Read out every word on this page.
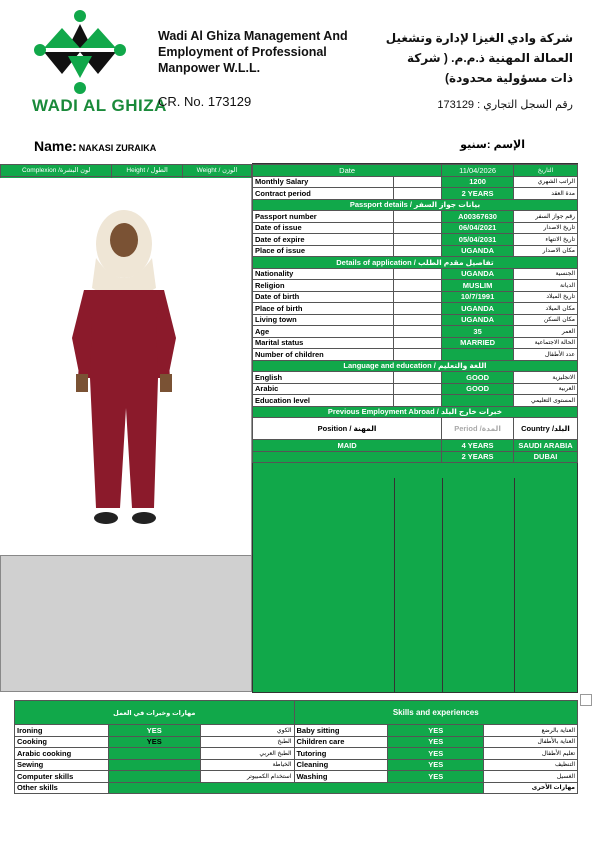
WADI AL GHIZA
Wadi Al Ghiza Management And Employment of Professional Manpower W.L.L.
CR. No. 173129
شركة وادي الغيزا لإدارة وتشغيل العمالة المهنية ذ.م.م. ( شركة ذات مسؤولية محدودة)
رقم السجل التجاري : 173129
Name: NAKASI ZURAIKA	الإسم :سنيو
Complexion /لون البشرة	Height / الطول	Weight / الوزن
			Date		11/04/2026	التاريخ
Monthly Salary		1200	الراتب الشهري
Contract period		2 YEARS	مدة العقد
Passport details / بيانات جواز السفر			
Passport number		A00367630	رقم جواز السفر
Date of issue		06/04/2021	تاريخ الاصدار
Date of expire		05/04/2031	تاريخ الانتهاء
Place of issue		UGANDA	مكان الاصدار
Details of application / تفاصيل مقدم الطلب			
Nationality		UGANDA	الجنسية
Religion		MUSLIM	الديانة
Date of birth		10/7/1991	تاريخ الميلاد
Place of birth		UGANDA	مكان الميلاد
Living town		UGANDA	مكان السكن
Age		35	العمر
Marital status		MARRIED	الحالة الاجتماعية
Number of children			عدد الأطفال
Language and education / اللغة والتعليم			
English		GOOD	الانجليزية
Arabic		GOOD	العربية
Education level			المستوى التعليمي
Previous Employment Abroad / خبرات خارج البلد			
Position / المهنة		Period /المدة	Country /البلد
MAID		4 YEARS	SAUDI ARABIA
		2 YEARS	DUBAI
مهارات وخبرات في العمل			Skills and experiences		
Ironing	YES	الكوي	Baby sitting	YES	العناية بالرضع
Cooking	YES	الطبخ	Children care	YES	العناية بالأطفال
Arabic cooking		الطبخ العربي	Tutoring	YES	تعليم الأطفال
Sewing		الخياطة	Cleaning	YES	التنظيف
Computer skills		استخدام الكمبيوتر	Washing	YES	الغسيل
Other skills					مهارات الأخرى
